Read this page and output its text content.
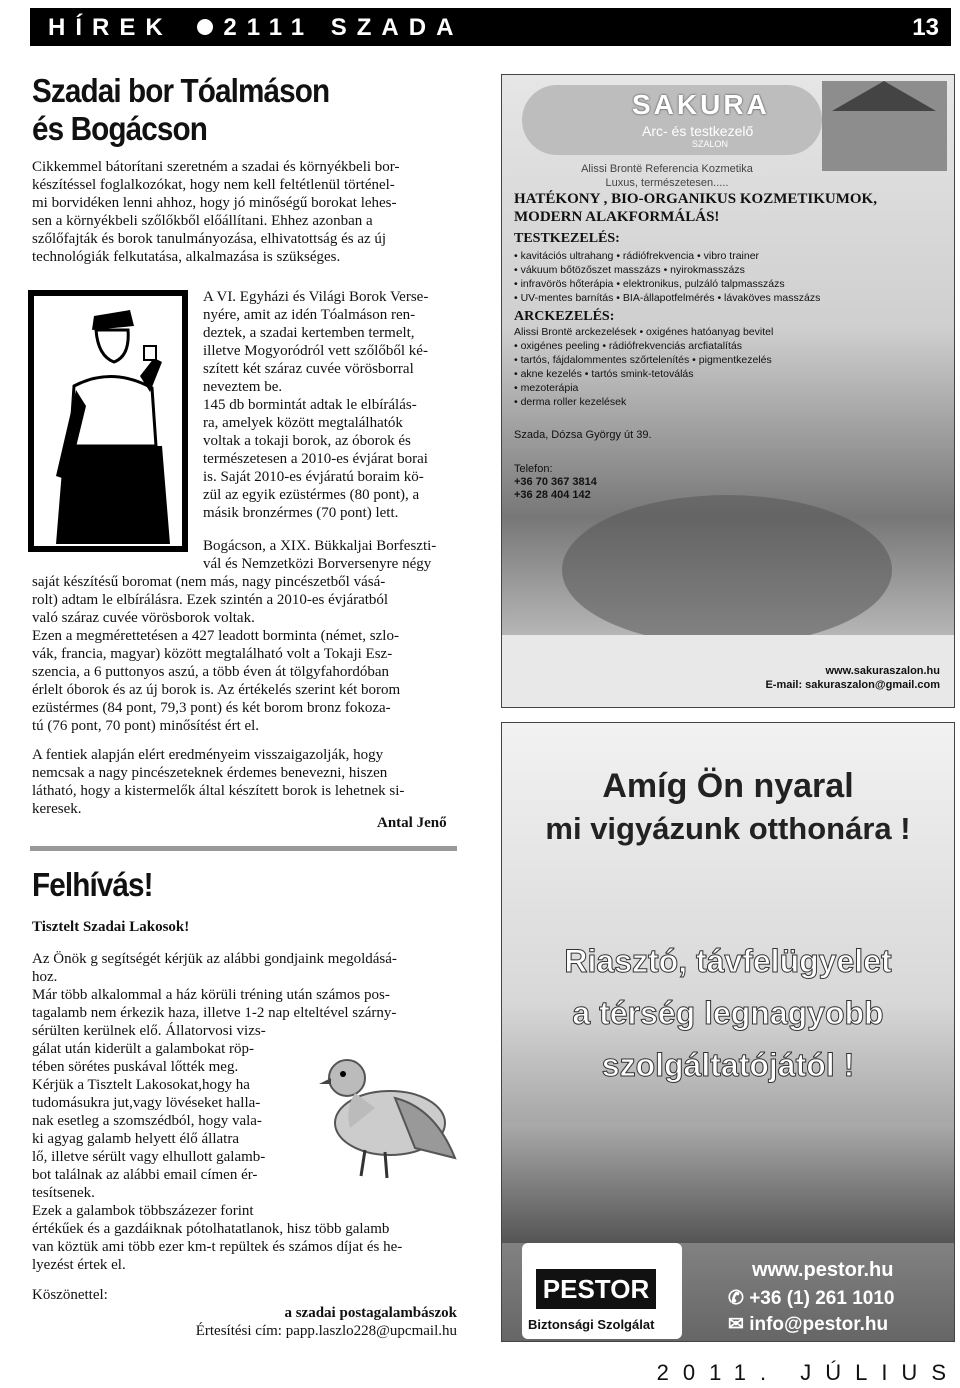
HÍREK 2111 SZADA	13
Szadai bor Tóalmáson
és Bogácson
Cikkemmel bátorítani szeretném a szadai és környékbeli bor-
készítéssel foglalkozókat, hogy nem kell feltétlenül történel-
mi borvidéken lenni ahhoz, hogy jó minőségű borokat lehes-
sen a környékbeli szőlőkből előállítani. Ehhez azonban a
szőlőfajták és borok tanulmányozása, elhivatottság és az új
technológiák felkutatása, alkalmazása is szükséges.
A VI. Egyházi és Világi Borok Verse-
nyére, amit az idén Tóalmáson ren-
deztek, a szadai kertemben termelt,
illetve Mogyoródról vett szőlőből ké-
szített két száraz cuvée vörösborral
neveztem be.
145 db bormintát adtak le elbírálás-
ra, amelyek között megtalálhatók
voltak a tokaji borok, az óborok és
természetesen a 2010-es évjárat borai
is. Saját 2010-es évjáratú boraim kö-
zül az egyik ezüstérmes (80 pont), a
másik bronzérmes (70 pont) lett.
Bogácson, a XIX. Bükkaljai Borfeszti-
vál és Nemzetközi Borversenyre négy
saját készítésű boromat (nem más, nagy pincészetből vásá-
rolt) adtam le elbírálásra. Ezek szintén a 2010-es évjáratból
való száraz cuvée vörösborok voltak.
Ezen a megmérettetésen a 427 leadott borminta (német, szlo-
vák, francia, magyar) között megtalálható volt a Tokaji Esz-
szencia, a 6 puttonyos aszú, a több éven át tölgyfahordóban
érlelt óborok és az új borok is. Az értékelés szerint két borom
ezüstérmes (84 pont, 79,3 pont) és két borom bronz fokoza-
tú (76 pont, 70 pont) minősítést ért el.
A fentiek alapján elért eredményeim visszaigazolják, hogy
nemcsak a nagy pincészeteknek érdemes benevezni, hiszen
látható, hogy a kistermelők által készített borok is lehetnek si-
keresek.
Antal Jenő
Felhívás!
Tisztelt Szadai Lakosok!
Az Önök g segítségét kérjük az alábbi gondjaink megoldásá-
hoz.
Már több alkalommal a ház körüli tréning után számos pos-
tagalamb nem érkezik haza, illetve 1-2 nap elteltével szárny-
sérülten kerülnek elő. Állatorvosi vizs-
gálat után kiderült a galambokat röp-
tében sörétes puskával lőtték meg.
Kérjük a Tisztelt Lakosokat,hogy ha
tudomásukra jut,vagy lövéseket halla-
nak esetleg a szomszédból, hogy vala-
ki agyag galamb helyett élő állatra
lő, illetve sérült vagy elhullott galamb-
bot találnak az alábbi email címen ér-
tesítsenek.
Ezek a galambok többszázezer forint
értékűek és a gazdáiknak pótolhatatlanok, hisz több galamb
van köztük ami több ezer km-t repültek és számos díjat és he-
lyezést értek el.
Köszönettel:
a szadai postagalambászok
Értesítési cím: papp.laszlo228@upcmail.hu
SAKURA
Arc- és testkezelő
SZALON
Alissi Brontë Referencia Kozmetika
Luxus, természetesen.....
HATÉKONY , BIO-ORGANIKUS KOZMETIKUMOK,
MODERN ALAKFORMÁLÁS!
TESTKEZELÉS:
• kavitációs ultrahang • rádiófrekvencia • vibro trainer
• vákuum bőtözőszet masszázs • nyirokmasszázs
• infravörös hőterápia • elektronikus, pulzáló talpmasszázs
• UV-mentes barnítás • BIA-állapotfelmérés • lávaköves masszázs
ARCKEZELÉS:
Alissi Brontë arckezelések • oxigénes hatóanyag bevitel
• oxigénes peeling • rádiófrekvenciás arcfiatalítás
• tartós, fájdalommentes szőrtelenítés • pigmentkezelés
• akne kezelés • tartós smink-tetoválás
• mezoterápia
• derma roller kezelések
Szada, Dózsa György út 39.
Telefon:
+36 70 367 3814
+36 28 404 142
www.sakuraszalon.hu
E-mail: sakuraszalon@gmail.com
Amíg Ön nyaral
mi vigyázunk otthonára !
Riasztó, távfelügyelet
a térség legnagyobb
szolgáltatójától !
PESTOR
Biztonsági Szolgálat
www.pestor.hu
✆ +36 (1) 261 1010
✉ info@pestor.hu
2011. JÚLIUS
